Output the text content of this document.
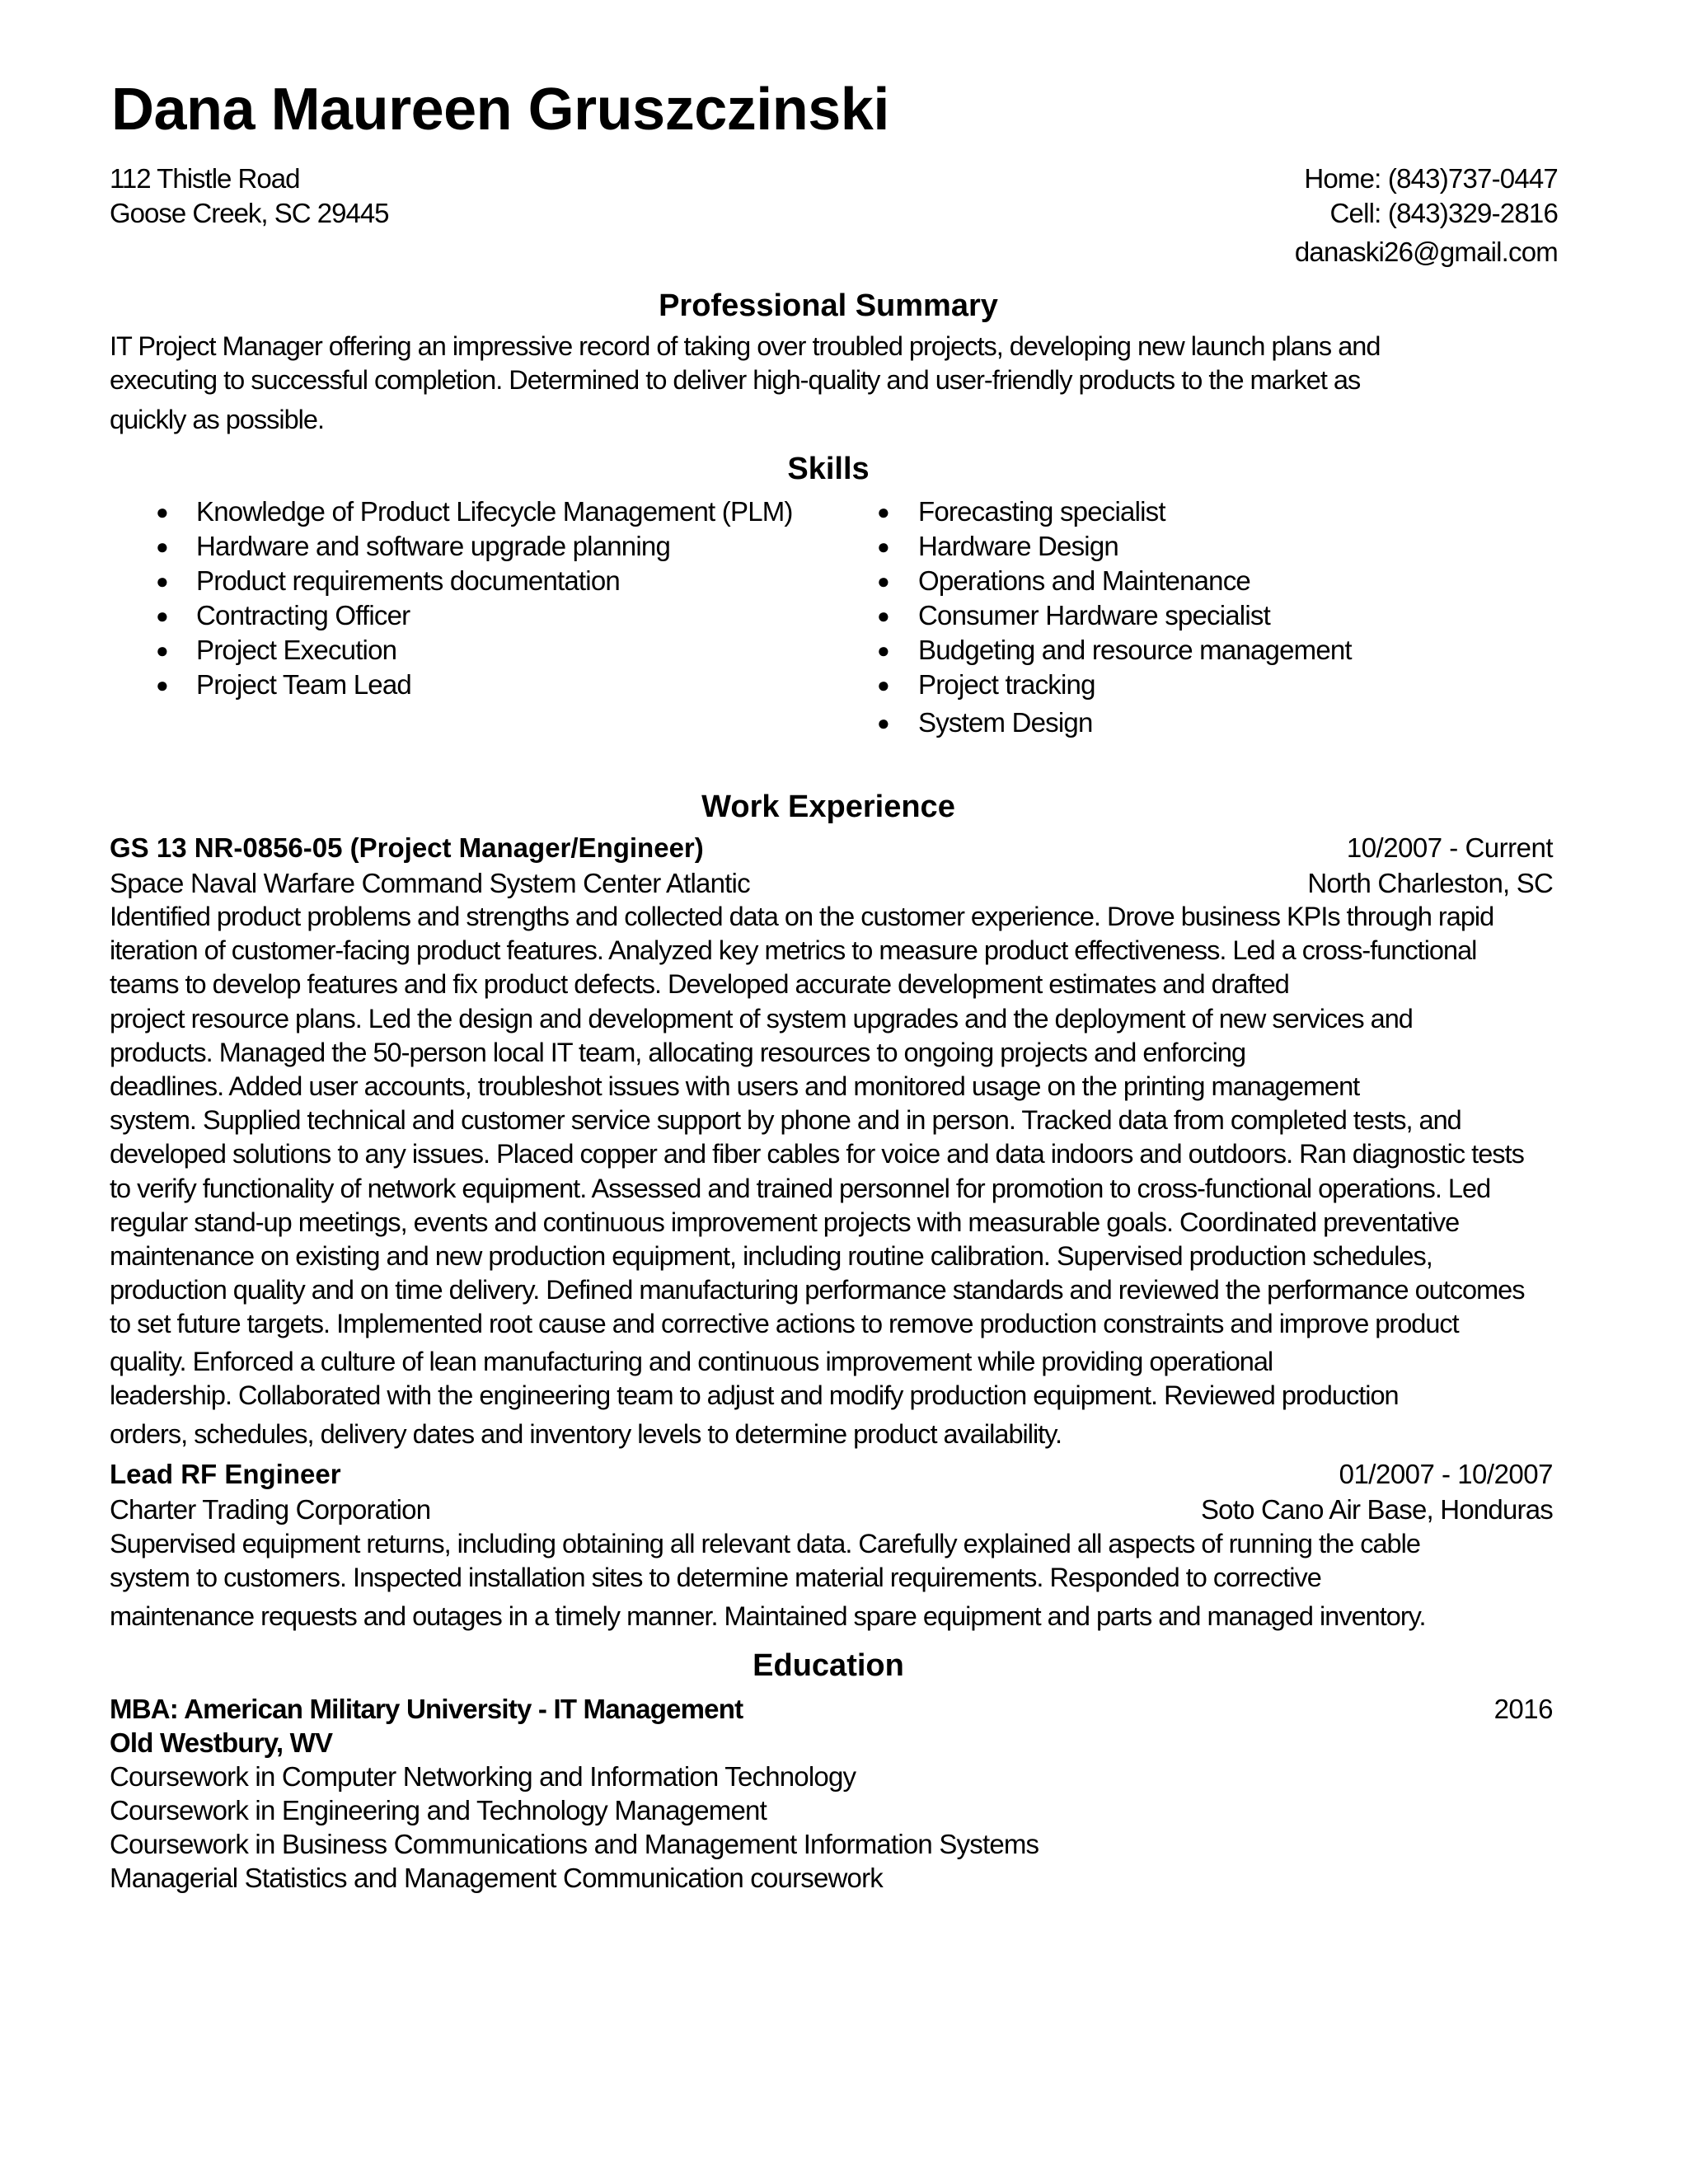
Dana Maureen Gruszczinski
112 Thistle Road
Goose Creek, SC 29445
Home: (843)737-0447
Cell: (843)329-2816
danaski26@gmail.com
Professional Summary
IT Project Manager offering an impressive record of taking over troubled projects, developing new launch plans and
executing to successful completion. Determined to deliver high-quality and user-friendly products to the market as
quickly as possible.
Skills
● Knowledge of Product Lifecycle Management (PLM)
● Hardware and software upgrade planning
● Product requirements documentation
● Contracting Officer
● Project Execution
● Project Team Lead
● Forecasting specialist
● Hardware Design
● Operations and Maintenance
● Consumer Hardware specialist
● Budgeting and resource management
● Project tracking
● System Design
Work Experience
GS 13 NR-0856-05 (Project Manager/Engineer)	10/2007 - Current
Space Naval Warfare Command System Center Atlantic	North Charleston, SC
Identified product problems and strengths and collected data on the customer experience. Drove business KPIs through rapid
iteration of customer-facing product features. Analyzed key metrics to measure product effectiveness. Led a cross-functional
teams to develop features and fix product defects. Developed accurate development estimates and drafted
project resource plans. Led the design and development of system upgrades and the deployment of new services and
products. Managed the 50-person local IT team, allocating resources to ongoing projects and enforcing
deadlines. Added user accounts, troubleshot issues with users and monitored usage on the printing management
system. Supplied technical and customer service support by phone and in person. Tracked data from completed tests, and
developed solutions to any issues. Placed copper and fiber cables for voice and data indoors and outdoors. Ran diagnostic tests
to verify functionality of network equipment. Assessed and trained personnel for promotion to cross-functional operations. Led
regular stand-up meetings, events and continuous improvement projects with measurable goals. Coordinated preventative
maintenance on existing and new production equipment, including routine calibration. Supervised production schedules,
production quality and on time delivery. Defined manufacturing performance standards and reviewed the performance outcomes
to set future targets. Implemented root cause and corrective actions to remove production constraints and improve product
quality. Enforced a culture of lean manufacturing and continuous improvement while providing operational
leadership. Collaborated with the engineering team to adjust and modify production equipment. Reviewed production
orders, schedules, delivery dates and inventory levels to determine product availability.
Lead RF Engineer	01/2007 - 10/2007
Charter Trading Corporation	Soto Cano Air Base, Honduras
Supervised equipment returns, including obtaining all relevant data. Carefully explained all aspects of running the cable
system to customers. Inspected installation sites to determine material requirements. Responded to corrective
maintenance requests and outages in a timely manner. Maintained spare equipment and parts and managed inventory.
Education
MBA: American Military University - IT Management	2016
Old Westbury, WV
Coursework in Computer Networking and Information Technology
Coursework in Engineering and Technology Management
Coursework in Business Communications and Management Information Systems
Managerial Statistics and Management Communication coursework
